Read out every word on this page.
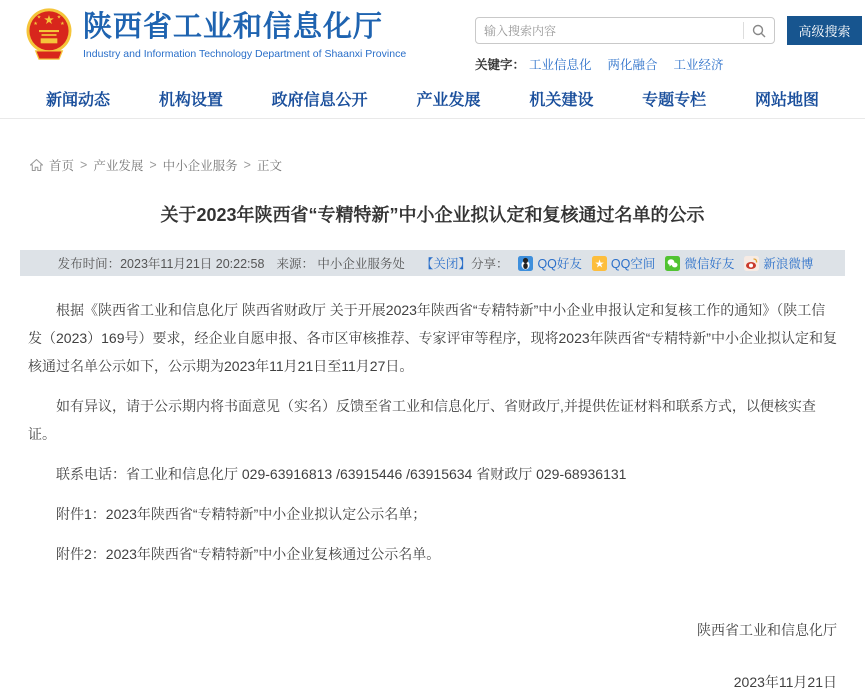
★
★	★
★	★ 陕西省工业和信息化厅
Industry and Information Technology Department of Shaanxi Province
输入搜索内容
高级搜索
关键字： 工业信息化 两化融合 工业经济
新闻动态	机构设置	政府信息公开	产业发展	机关建设	专题专栏	网站地图
首页 > 产业发展 > 中小企业服务 > 正文
关于2023年陕西省“专精特新”中小企业拟认定和复核通过名单的公示
发布时间：2023年11月21日 20:22:58 来源： 中小企业服务处 【关闭】 分享： QQ好友 ★ QQ空间 微信好友 新浪微博

根据《陕西省工业和信息化厅 陕西省财政厅 关于开展2023年陕西省“专精特新”中小企业申报认定和复核工作的通知》（陕工信发（2023）169号）要求，经企业自愿申报、各市区审核推荐、专家评审等程序，现将2023年陕西省“专精特新”中小企业拟认定和复核通过名单公示如下，公示期为2023年11月21日至11月27日。

如有异议，请于公示期内将书面意见（实名）反馈至省工业和信息化厅、省财政厅,并提供佐证材料和联系方式，以便核实查证。

联系电话：省工业和信息化厅 029-63916813 /63915446 /63915634 省财政厅 029-68936131

附件1：2023年陕西省“专精特新”中小企业拟认定公示名单；

附件2：2023年陕西省“专精特新”中小企业复核通过公示名单。

陕西省工业和信息化厅
2023年11月21日
